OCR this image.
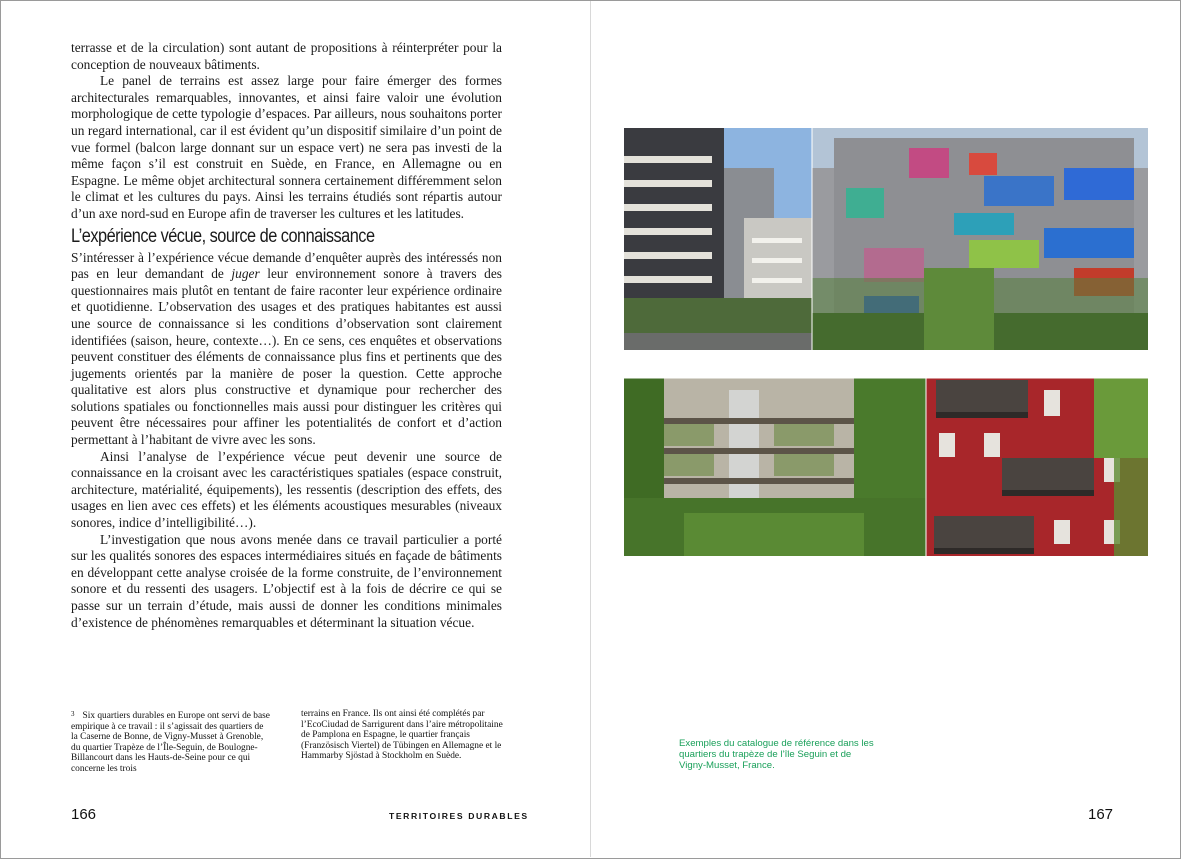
terrasse et de la circulation) sont autant de propositions à réinterpréter pour la conception de nouveaux bâtiments.

Le panel de terrains est assez large pour faire émerger des formes architecturales remarquables, innovantes, et ainsi faire valoir une évolution morphologique de cette typologie d’espaces. Par ailleurs, nous souhaitons porter un regard international, car il est évident qu’un dispositif similaire d’un point de vue formel (balcon large donnant sur un espace vert) ne sera pas investi de la même façon s’il est construit en Suède, en France, en Allemagne ou en Espagne. Le même objet architectural sonnera certainement différemment selon le climat et les cultures du pays. Ainsi les terrains étudiés sont répartis autour d’un axe nord-sud en Europe afin de traverser les cultures et les latitudes.

L’expérience vécue, source de connaissance

S’intéresser à l’expérience vécue demande d’enquêter auprès des intéressés non pas en leur demandant de juger leur environnement sonore à travers des questionnaires mais plutôt en tentant de faire raconter leur expérience ordinaire et quotidienne. L’observation des usages et des pratiques habitantes est aussi une source de connaissance si les conditions d’observation sont clairement identifiées (saison, heure, contexte…). En ce sens, ces enquêtes et observations peuvent constituer des éléments de connaissance plus fins et pertinents que des jugements orientés par la manière de poser la question. Cette approche qualitative est alors plus constructive et dynamique pour rechercher des solutions spatiales ou fonctionnelles mais aussi pour distinguer les critères qui peuvent être nécessaires pour affiner les potentialités de confort et d’action permettant à l’habitant de vivre avec les sons.

Ainsi l’analyse de l’expérience vécue peut devenir une source de connaissance en la croisant avec les caractéristiques spatiales (espace construit, architecture, matérialité, équipements), les ressentis (description des effets, des usages en lien avec ces effets) et les éléments acoustiques mesurables (niveaux sonores, indice d’intelligibilité…).

L’investigation que nous avons menée dans ce travail particulier a porté sur les qualités sonores des espaces intermédiaires situés en façade de bâtiments en développant cette analyse croisée de la forme construite, de l’environnement sonore et du ressenti des usagers. L’objectif est à la fois de décrire ce qui se passe sur un terrain d’étude, mais aussi de donner les conditions minimales d’existence de phénomènes remarquables et déterminant la situation vécue.

$^3$ Six quartiers durables en Europe ont servi de base empirique à ce travail : il s’agissait des quartiers de la Caserne de Bonne, de Vigny-Musset à Grenoble, du quartier Trapèze de l’Île-Seguin, de Boulogne-Billancourt dans les Hauts-de-Seine pour ce qui concerne les trois
terrains en France. Ils ont ainsi été complétés par l’EcoCiudad de Sarrigurent dans l’aire métropolitaine de Pamplona en Espagne, le quartier français (Französisch Viertel) de Tübingen en Allemagne et le Hammarby Sjöstad à Stockholm en Suède.
166	TERRITOIRES DURABLES	167
Exemples du catalogue de référence dans les quartiers du trapèze de l’île Seguin et de Vigny-Musset, France.
